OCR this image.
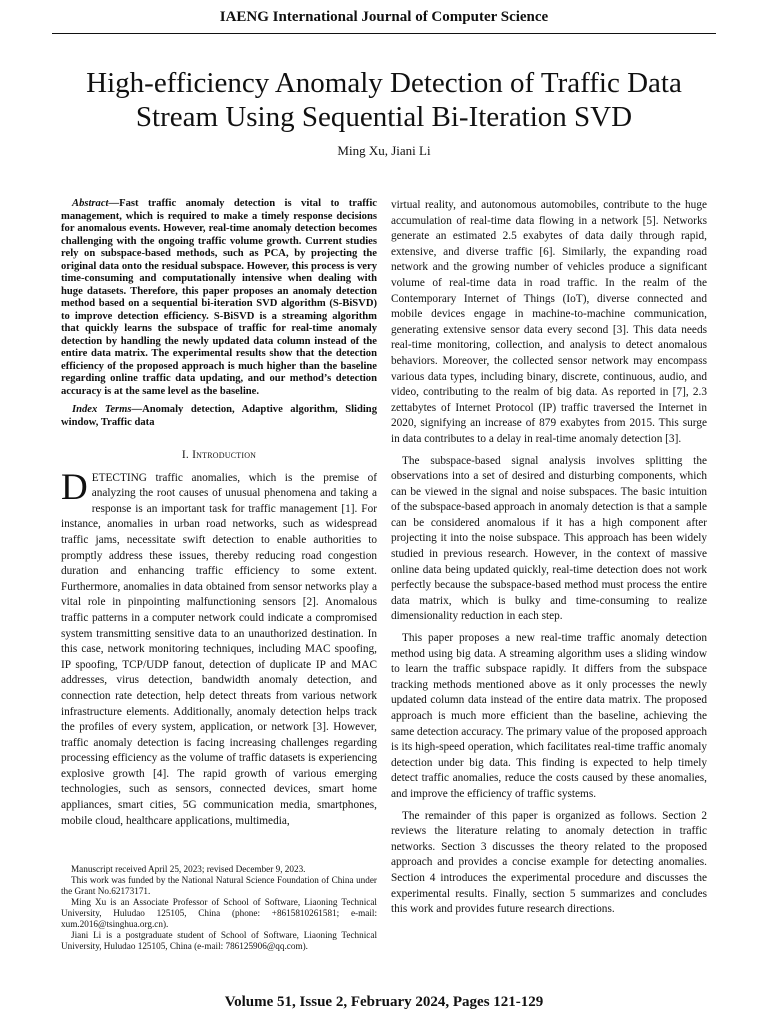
IAENG International Journal of Computer Science
High-efficiency Anomaly Detection of Traffic Data
Stream Using Sequential Bi-Iteration SVD
Ming Xu, Jiani Li

Abstract—Fast traffic anomaly detection is vital to traffic management, which is required to make a timely response decisions for anomalous events. However, real-time anomaly detection becomes challenging with the ongoing traffic volume growth. Current studies rely on subspace-based methods, such as PCA, by projecting the original data onto the residual subspace. However, this process is very time-consuming and computationally intensive when dealing with huge datasets. Therefore, this paper proposes an anomaly detection method based on a sequential bi-iteration SVD algorithm (S-BiSVD) to improve detection efficiency. S-BiSVD is a streaming algorithm that quickly learns the subspace of traffic for real-time anomaly detection by handling the newly updated data column instead of the entire data matrix. The experimental results show that the detection efficiency of the proposed approach is much higher than the baseline regarding online traffic data updating, and our method’s detection accuracy is at the same level as the baseline.

Index Terms—Anomaly detection, Adaptive algorithm, Sliding window, Traffic data

I. Introduction

DETECTING traffic anomalies, which is the premise of analyzing the root causes of unusual phenomena and taking a response is an important task for traffic management [1]. For instance, anomalies in urban road networks, such as widespread traffic jams, necessitate swift detection to enable authorities to promptly address these issues, thereby reducing road congestion duration and enhancing traffic efficiency to some extent. Furthermore, anomalies in data obtained from sensor networks play a vital role in pinpointing malfunctioning sensors [2]. Anomalous traffic patterns in a computer network could indicate a compromised system transmitting sensitive data to an unauthorized destination. In this case, network monitoring techniques, including MAC spoofing, IP spoofing, TCP/UDP fanout, detection of duplicate IP and MAC addresses, virus detection, bandwidth anomaly detection, and connection rate detection, help detect threats from various network infrastructure elements. Additionally, anomaly detection helps track the profiles of every system, application, or network [3]. However, traffic anomaly detection is facing increasing challenges regarding processing efficiency as the volume of traffic datasets is experiencing explosive growth [4]. The rapid growth of various emerging technologies, such as sensors, connected devices, smart home appliances, smart cities, 5G communication media, smartphones, mobile cloud, healthcare applications, multimedia,

virtual reality, and autonomous automobiles, contribute to the huge accumulation of real-time data flowing in a network [5]. Networks generate an estimated 2.5 exabytes of data daily through rapid, extensive, and diverse traffic [6]. Similarly, the expanding road network and the growing number of vehicles produce a significant volume of real-time data in road traffic. In the realm of the Contemporary Internet of Things (IoT), diverse connected and mobile devices engage in machine-to-machine communication, generating extensive sensor data every second [3]. This data needs real-time monitoring, collection, and analysis to detect anomalous behaviors. Moreover, the collected sensor network may encompass various data types, including binary, discrete, continuous, audio, and video, contributing to the realm of big data. As reported in [7], 2.3 zettabytes of Internet Protocol (IP) traffic traversed the Internet in 2020, signifying an increase of 879 exabytes from 2015. This surge in data contributes to a delay in real-time anomaly detection [3].

The subspace-based signal analysis involves splitting the observations into a set of desired and disturbing components, which can be viewed in the signal and noise subspaces. The basic intuition of the subspace-based approach in anomaly detection is that a sample can be considered anomalous if it has a high component after projecting it into the noise subspace. This approach has been widely studied in previous research. However, in the context of massive online data being updated quickly, real-time detection does not work perfectly because the subspace-based method must process the entire data matrix, which is bulky and time-consuming to realize dimensionality reduction in each step.

This paper proposes a new real-time traffic anomaly detection method using big data. A streaming algorithm uses a sliding window to learn the traffic subspace rapidly. It differs from the subspace tracking methods mentioned above as it only processes the newly updated column data instead of the entire data matrix. The proposed approach is much more efficient than the baseline, achieving the same detection accuracy. The primary value of the proposed approach is its high-speed operation, which facilitates real-time traffic anomaly detection under big data. This finding is expected to help timely detect traffic anomalies, reduce the costs caused by these anomalies, and improve the efficiency of traffic systems.

The remainder of this paper is organized as follows. Section 2 reviews the literature relating to anomaly detection in traffic networks. Section 3 discusses the theory related to the proposed approach and provides a concise example for detecting anomalies. Section 4 introduces the experimental procedure and discusses the experimental results. Finally, section 5 summarizes and concludes this work and provides future research directions.

Manuscript received April 25, 2023; revised December 9, 2023.

This work was funded by the National Natural Science Foundation of China under the Grant No.62173171.

Ming Xu is an Associate Professor of School of Software, Liaoning Technical University, Huludao 125105, China (phone: +8615810261581; e-mail: xum.2016@tsinghua.org.cn).

Jiani Li is a postgraduate student of School of Software, Liaoning Technical University, Huludao 125105, China (e-mail: 786125906@qq.com).

Volume 51, Issue 2, February 2024, Pages 121-129
